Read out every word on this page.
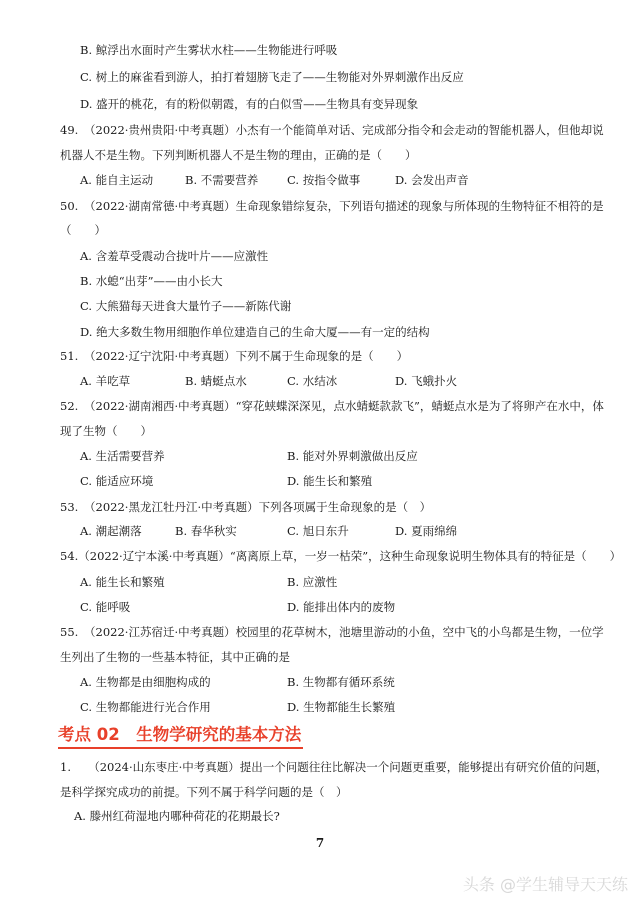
B. 鲸浮出水面时产生雾状水柱——生物能进行呼吸
C. 树上的麻雀看到游人，拍打着翅膀飞走了——生物能对外界刺激作出反应
D. 盛开的桃花，有的粉似朝霞，有的白似雪——生物具有变异现象
49.　（2022·贵州贵阳·中考真题）小杰有一个能简单对话、完成部分指令和会走动的智能机器人，但他却说
机器人不是生物。下列判断机器人不是生物的理由，正确的是（　　）
A. 能自主运动	B. 不需要营养 C. 按指令做事	D. 会发出声音
50.　（2022·湖南常德·中考真题）生命现象错综复杂，下列语句描述的现象与所体现的生物特征不相符的是
（　　）
A. 含羞草受震动合拢叶片——应激性
B. 水螅“出芽”——由小长大
C. 大熊猫每天进食大量竹子——新陈代谢
D. 绝大多数生物用细胞作单位建造自己的生命大厦——有一定的结构
51.　（2022·辽宁沈阳·中考真题）下列不属于生命现象的是（　　）
A. 羊吃草	B. 蜻蜓点水	C. 水结冰	D. 飞蛾扑火
52.　（2022·湖南湘西·中考真题）“穿花蛱蝶深深见，点水蜻蜓款款飞”，蜻蜓点水是为了将卵产在水中，体
现了生物（　　）
A. 生活需要营养	B. 能对外界刺激做出反应
C. 能适应环境	D. 能生长和繁殖
53.　（2022·黑龙江牡丹江·中考真题）下列各项属于生命现象的是（　）
A. 潮起潮落	B. 春华秋实	C. 旭日东升	D. 夏雨绵绵
54.（2022·辽宁本溪·中考真题）“离离原上草，一岁一枯荣”，这种生命现象说明生物体具有的特征是（　　）
A. 能生长和繁殖	B. 应激性
C. 能呼吸	D. 能排出体内的废物
55.　（2022·江苏宿迁·中考真题）校园里的花草树木，池塘里游动的小鱼，空中飞的小鸟都是生物，一位学
生列出了生物的一些基本特征，其中正确的是
A. 生物都是由细胞构成的	B. 生物都有循环系统
C. 生物都能进行光合作用	D. 生物都能生长繁殖
考点 02　生物学研究的基本方法
1.　　（2024·山东枣庄·中考真题）提出一个问题往往比解决一个问题更重要，能够提出有研究价值的问题，
是科学探究成功的前提。下列不属于科学问题的是（　）
A. 滕州红荷湿地内哪种荷花的花期最长?
7
头条 @学生辅导天天练
